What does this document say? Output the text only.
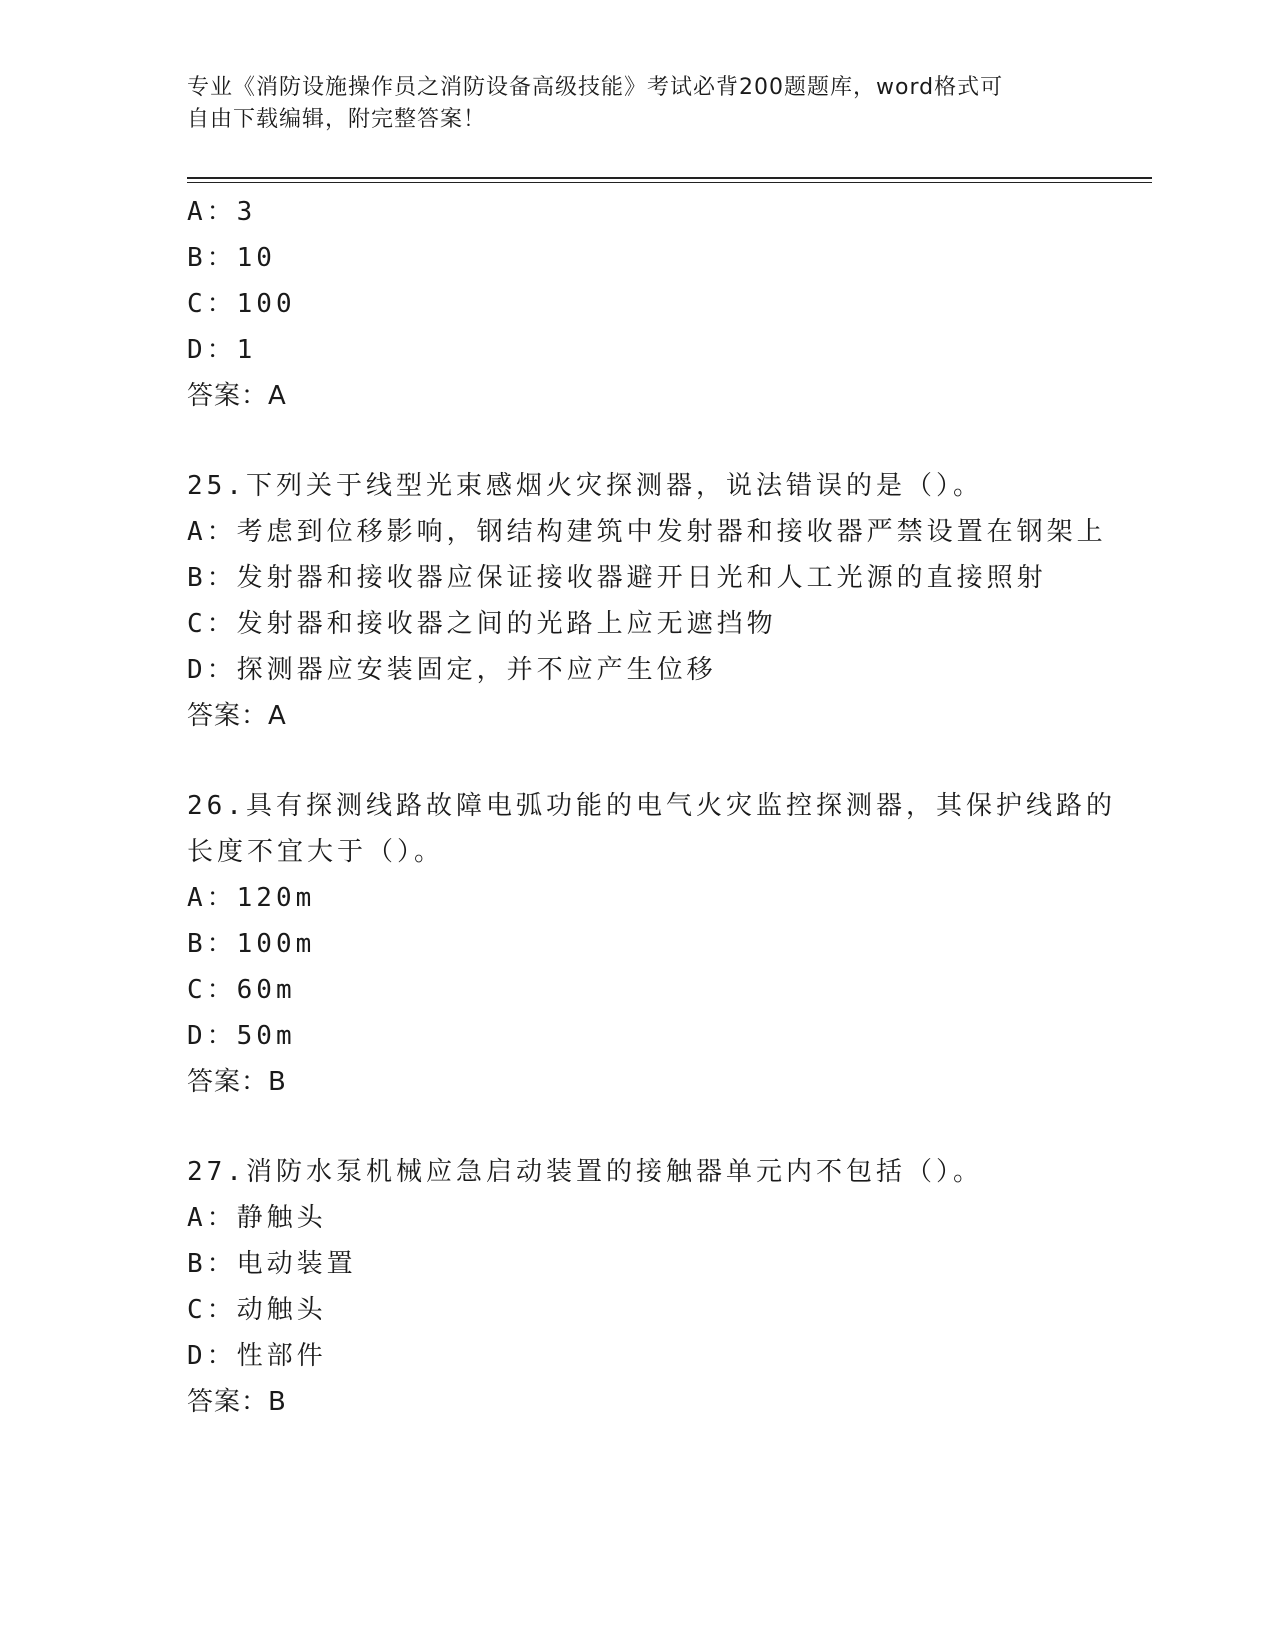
专业《消防设施操作员之消防设备高级技能》考试必背200题题库，word格式可
自由下载编辑，附完整答案！
A：3
B：10
C：100
D：1
答案：A
25.下列关于线型光束感烟火灾探测器，说法错误的是（）。
A：考虑到位移影响，钢结构建筑中发射器和接收器严禁设置在钢架上
B：发射器和接收器应保证接收器避开日光和人工光源的直接照射
C：发射器和接收器之间的光路上应无遮挡物
D：探测器应安装固定，并不应产生位移
答案：A
26.具有探测线路故障电弧功能的电气火灾监控探测器，其保护线路的
长度不宜大于（）。
A：120m
B：100m
C：60m
D：50m
答案：B
27.消防水泵机械应急启动装置的接触器单元内不包括（）。
A：静触头
B：电动装置
C：动触头
D：性部件
答案：B
